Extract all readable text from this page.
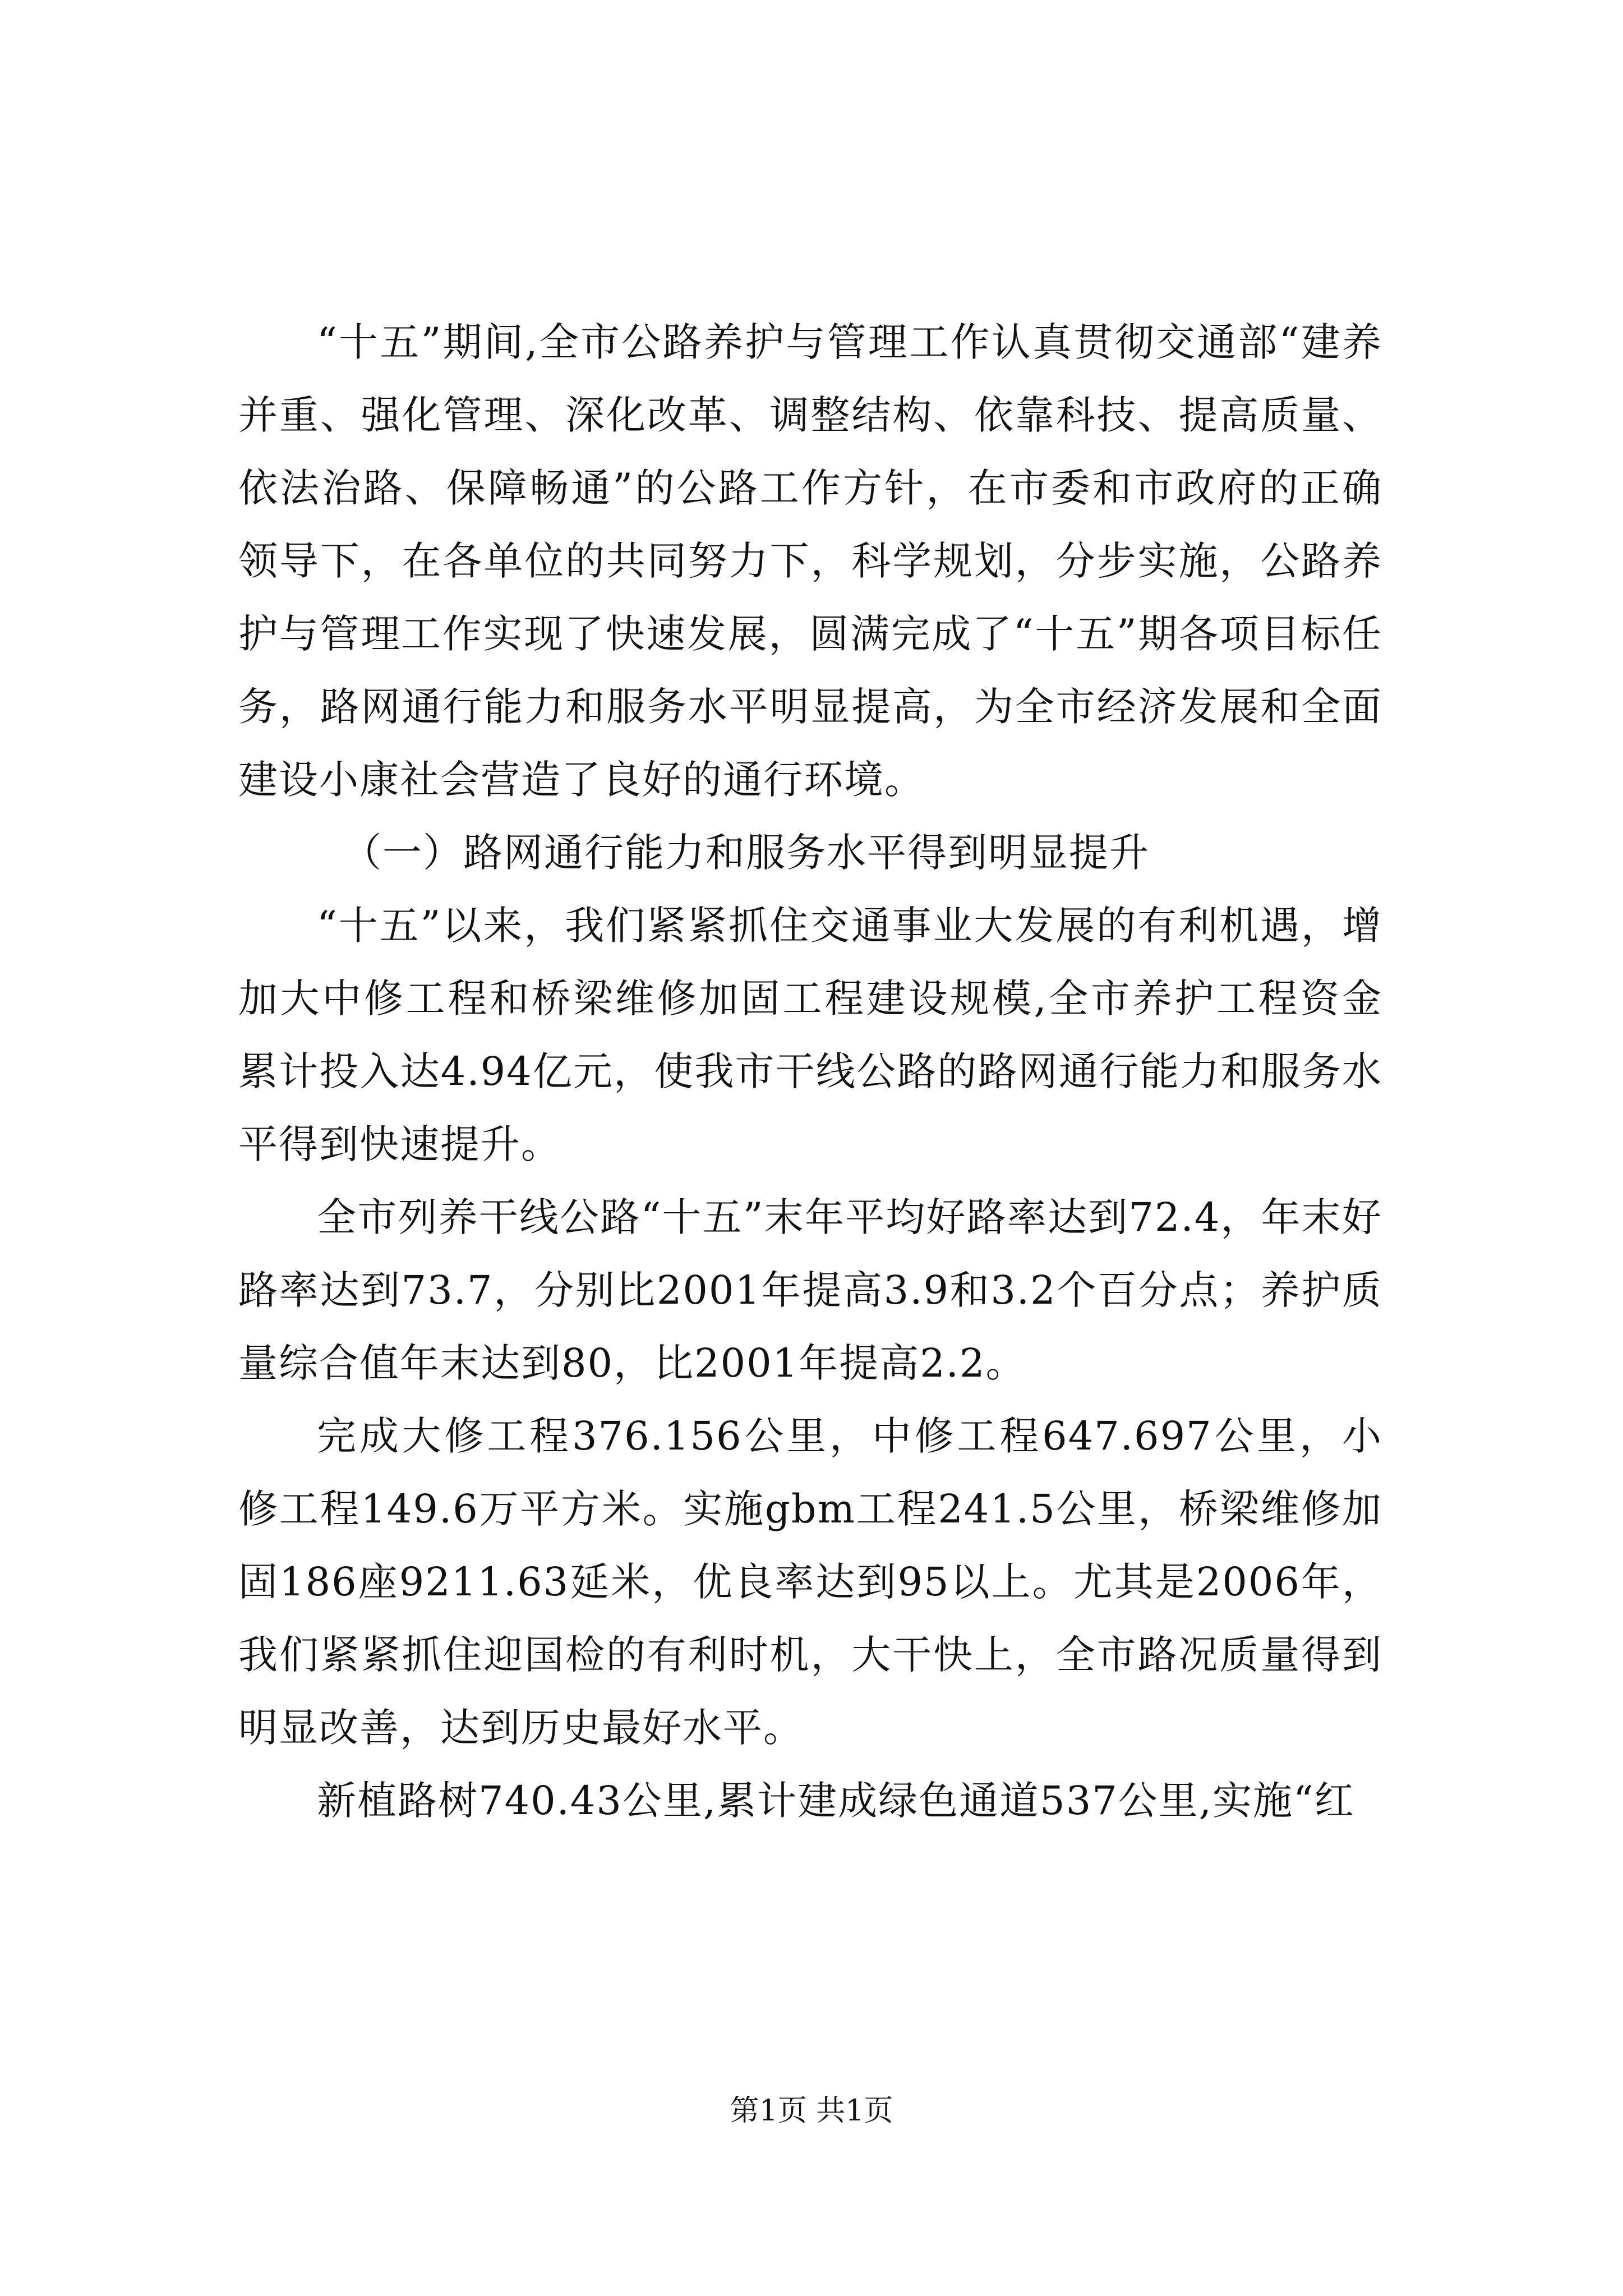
“十五”期间,全市公路养护与管理工作认真贯彻交通部“建养并重、强化管理、深化改革、调整结构、依靠科技、提高质量、依法治路、保障畅通”的公路工作方针，在市委和市政府的正确领导下，在各单位的共同努力下，科学规划，分步实施，公路养护与管理工作实现了快速发展，圆满完成了“十五”期各项目标任务，路网通行能力和服务水平明显提高，为全市经济发展和全面建设小康社会营造了良好的通行环境。

（一）路网通行能力和服务水平得到明显提升

“十五”以来，我们紧紧抓住交通事业大发展的有利机遇，增加大中修工程和桥梁维修加固工程建设规模,全市养护工程资金累计投入达4.94亿元，使我市干线公路的路网通行能力和服务水平得到快速提升。

全市列养干线公路“十五”末年平均好路率达到72.4，年末好路率达到73.7，分别比2001年提高3.9和3.2个百分点；养护质量综合值年末达到80，比2001年提高2.2。

完成大修工程376.156公里，中修工程647.697公里，小修工程149.6万平方米。实施gbm工程241.5公里，桥梁维修加固186座9211.63延米，优良率达到95以上。尤其是2006年，我们紧紧抓住迎国检的有利时机，大干快上，全市路况质量得到明显改善，达到历史最好水平。

新植路树740.43公里,累计建成绿色通道537公里,实施“红

第1页 共1页
